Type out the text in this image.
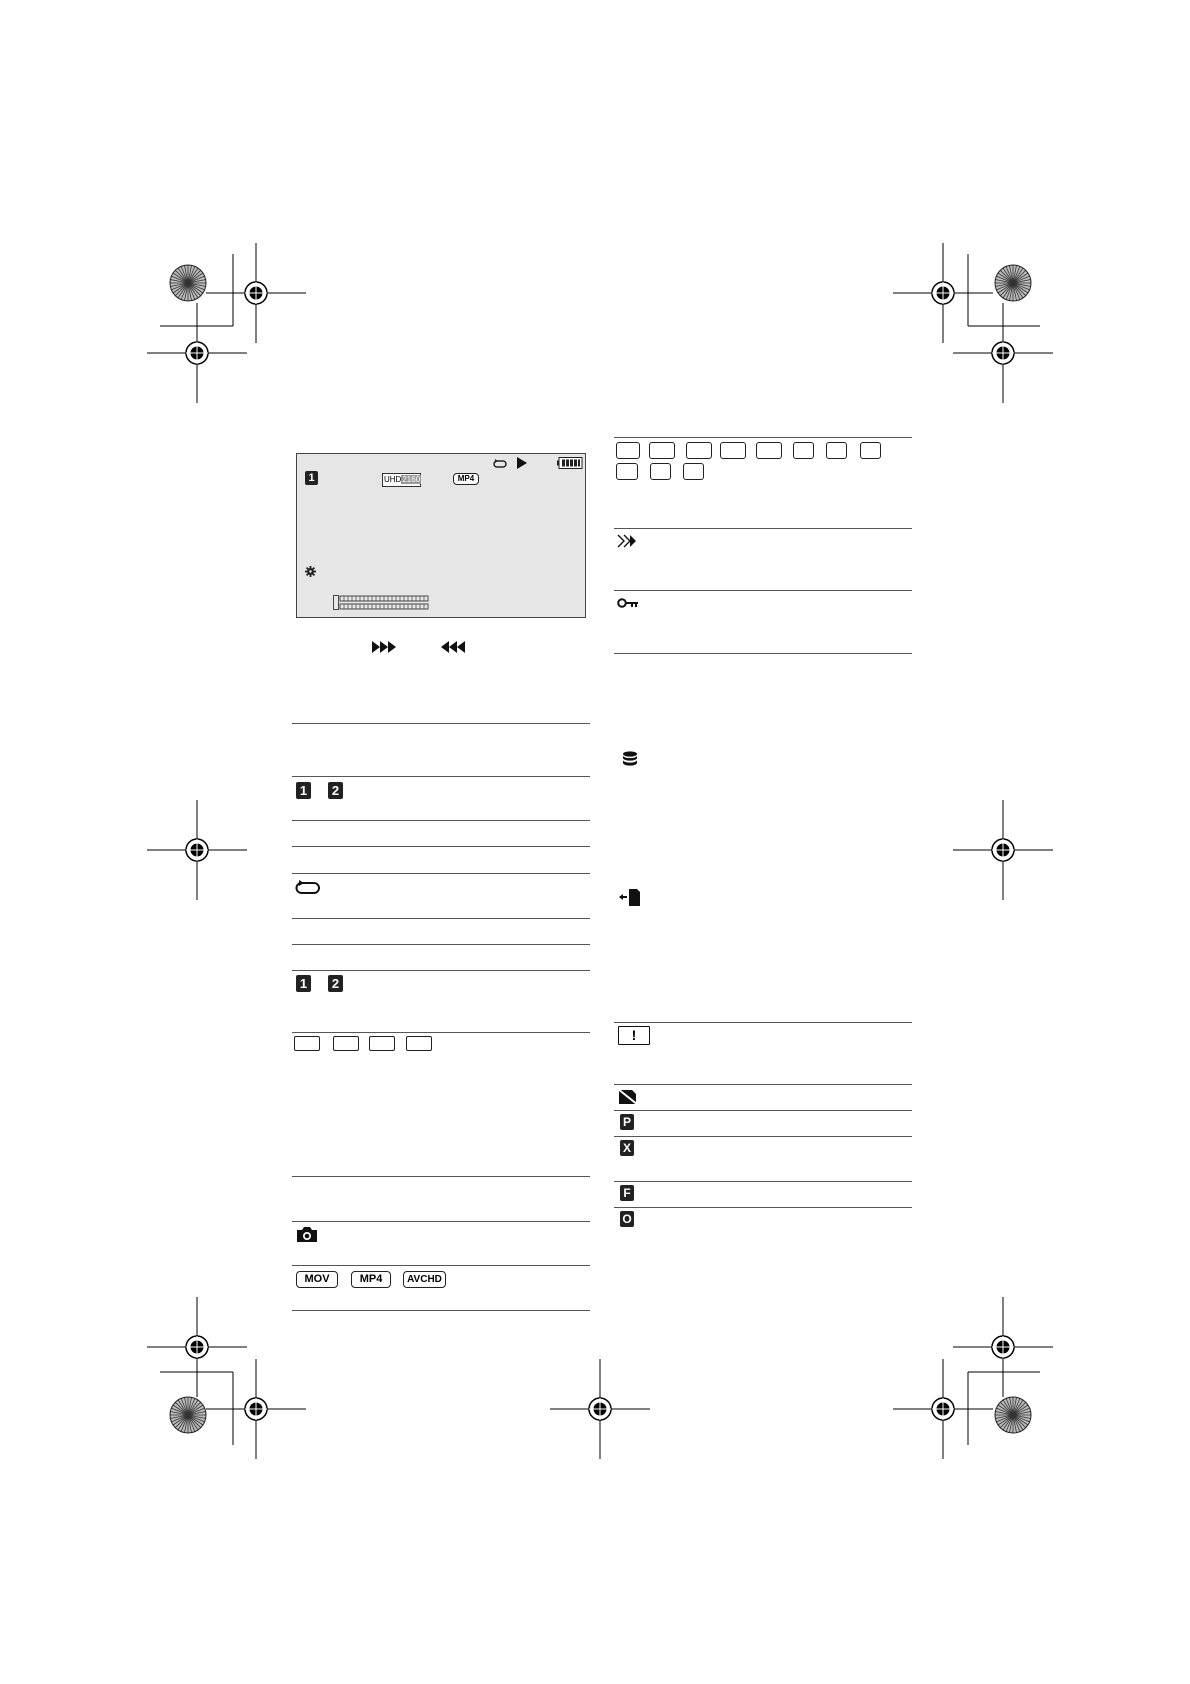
1	UHD2160	MP4
1 2
1 2
MOV	MP4	AVCHD
!
P
X
F
O
